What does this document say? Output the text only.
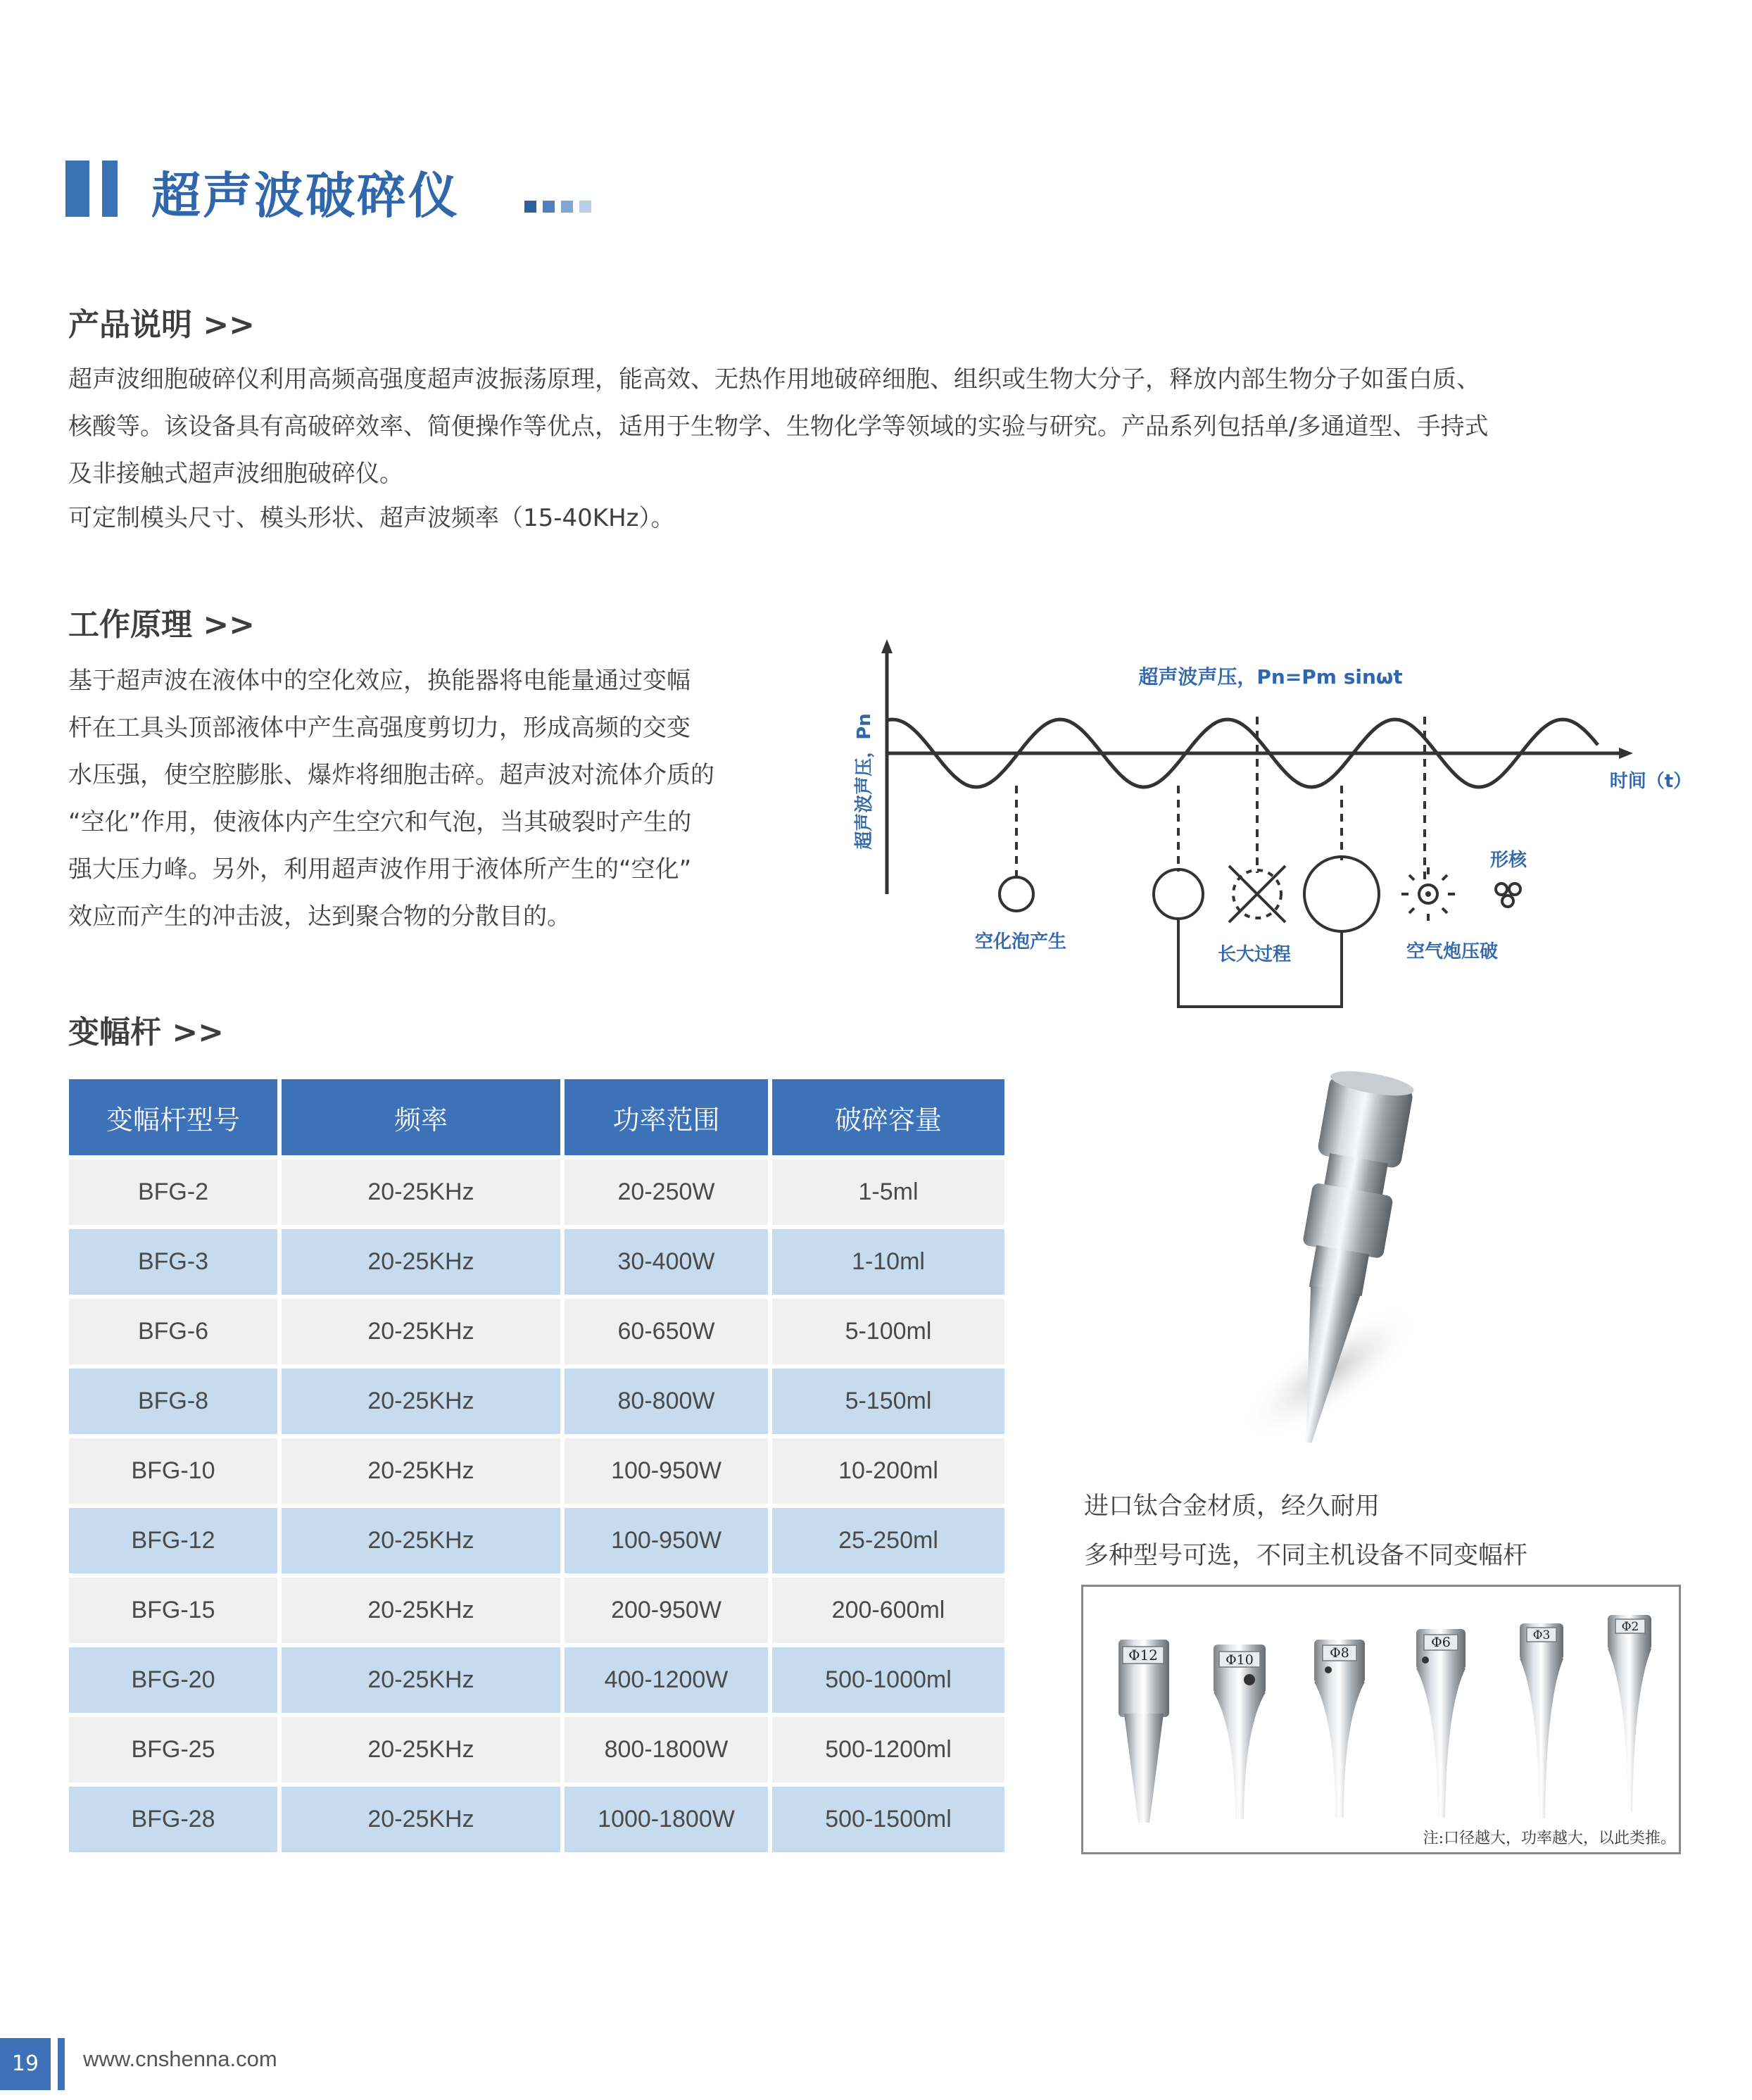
超声波破碎仪
产品说明 >>
超声波细胞破碎仪利用高频高强度超声波振荡原理，能高效、无热作用地破碎细胞、组织或生物大分子，释放内部生物分子如蛋白质、
核酸等。该设备具有高破碎效率、简便操作等优点，适用于生物学、生物化学等领域的实验与研究。产品系列包括单/多通道型、手持式
及非接触式超声波细胞破碎仪。
可定制模头尺寸、模头形状、超声波频率（15-40KHz）。
工作原理 >>
基于超声波在液体中的空化效应，换能器将电能量通过变幅
杆在工具头顶部液体中产生高强度剪切力，形成高频的交变
水压强，使空腔膨胀、爆炸将细胞击碎。超声波对流体介质的
“空化”作用，使液体内产生空穴和气泡，当其破裂时产生的
强大压力峰。另外，利用超声波作用于液体所产生的“空化”
效应而产生的冲击波，达到聚合物的分散目的。
超声波声压，Pn
超声波声压，Pn=Pm sinωt
时间（t）
形核
空化泡产生
长大过程	空气炮压破
变幅杆 >>
变幅杆型号	频率	功率范围	破碎容量
BFG-2	20-25KHz	20-250W	1-5ml
BFG-3	20-25KHz	30-400W	1-10ml
BFG-6	20-25KHz	60-650W	5-100ml
BFG-8	20-25KHz	80-800W	5-150ml
BFG-10	20-25KHz	100-950W	10-200ml
BFG-12	20-25KHz	100-950W	25-250ml
BFG-15	20-25KHz	200-950W	200-600ml
BFG-20	20-25KHz	400-1200W	500-1000ml
BFG-25	20-25KHz	800-1800W	500-1200ml
BFG-28	20-25KHz	1000-1800W	500-1500ml
进口钛合金材质，经久耐用
多种型号可选，不同主机设备不同变幅杆
Φ12	Φ10	Φ8
Φ6	Φ3
Φ2
注:口径越大，功率越大，以此类推。
19	www.cnshenna.com
